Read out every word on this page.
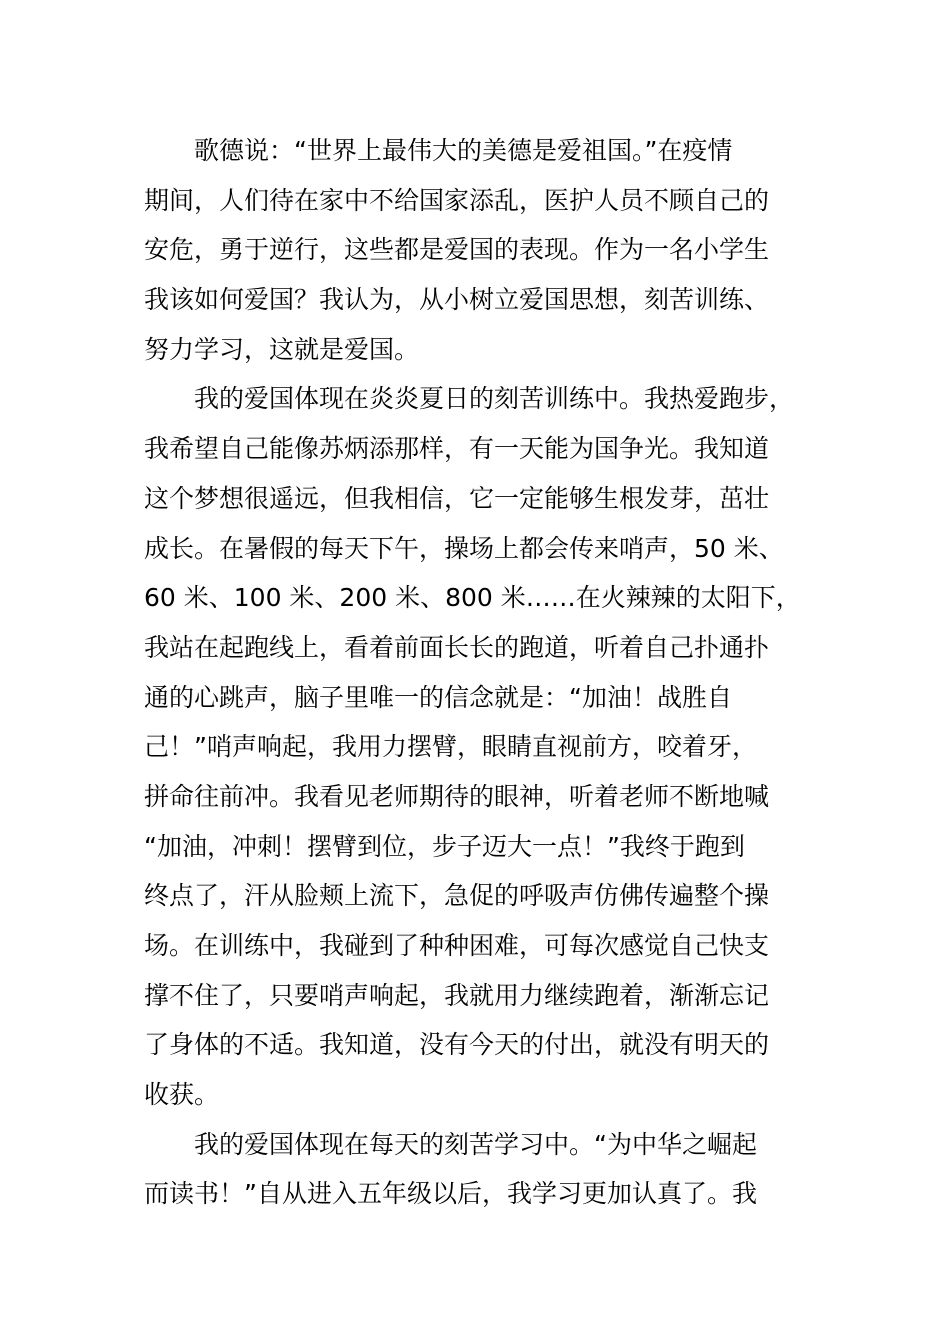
歌德说：“世界上最伟大的美德是爱祖国。”在疫情
期间，人们待在家中不给国家添乱，医护人员不顾自己的
安危，勇于逆行，这些都是爱国的表现。作为一名小学生
我该如何爱国？我认为，从小树立爱国思想，刻苦训练、
努力学习，这就是爱国。
我的爱国体现在炎炎夏日的刻苦训练中。我热爱跑步，
我希望自己能像苏炳添那样，有一天能为国争光。我知道
这个梦想很遥远，但我相信，它一定能够生根发芽，茁壮
成长。在暑假的每天下午，操场上都会传来哨声，50 米、
60 米、100 米、200 米、800 米……在火辣辣的太阳下，
我站在起跑线上，看着前面长长的跑道，听着自己扑通扑
通的心跳声，脑子里唯一的信念就是：“加油！战胜自
己！”哨声响起，我用力摆臂，眼睛直视前方，咬着牙，
拼命往前冲。我看见老师期待的眼神，听着老师不断地喊
“加油，冲刺！摆臂到位，步子迈大一点！”我终于跑到
终点了，汗从脸颊上流下，急促的呼吸声仿佛传遍整个操
场。在训练中，我碰到了种种困难，可每次感觉自己快支
撑不住了，只要哨声响起，我就用力继续跑着，渐渐忘记
了身体的不适。我知道，没有今天的付出，就没有明天的
收获。
我的爱国体现在每天的刻苦学习中。“为中华之崛起
而读书！”自从进入五年级以后，我学习更加认真了。我
